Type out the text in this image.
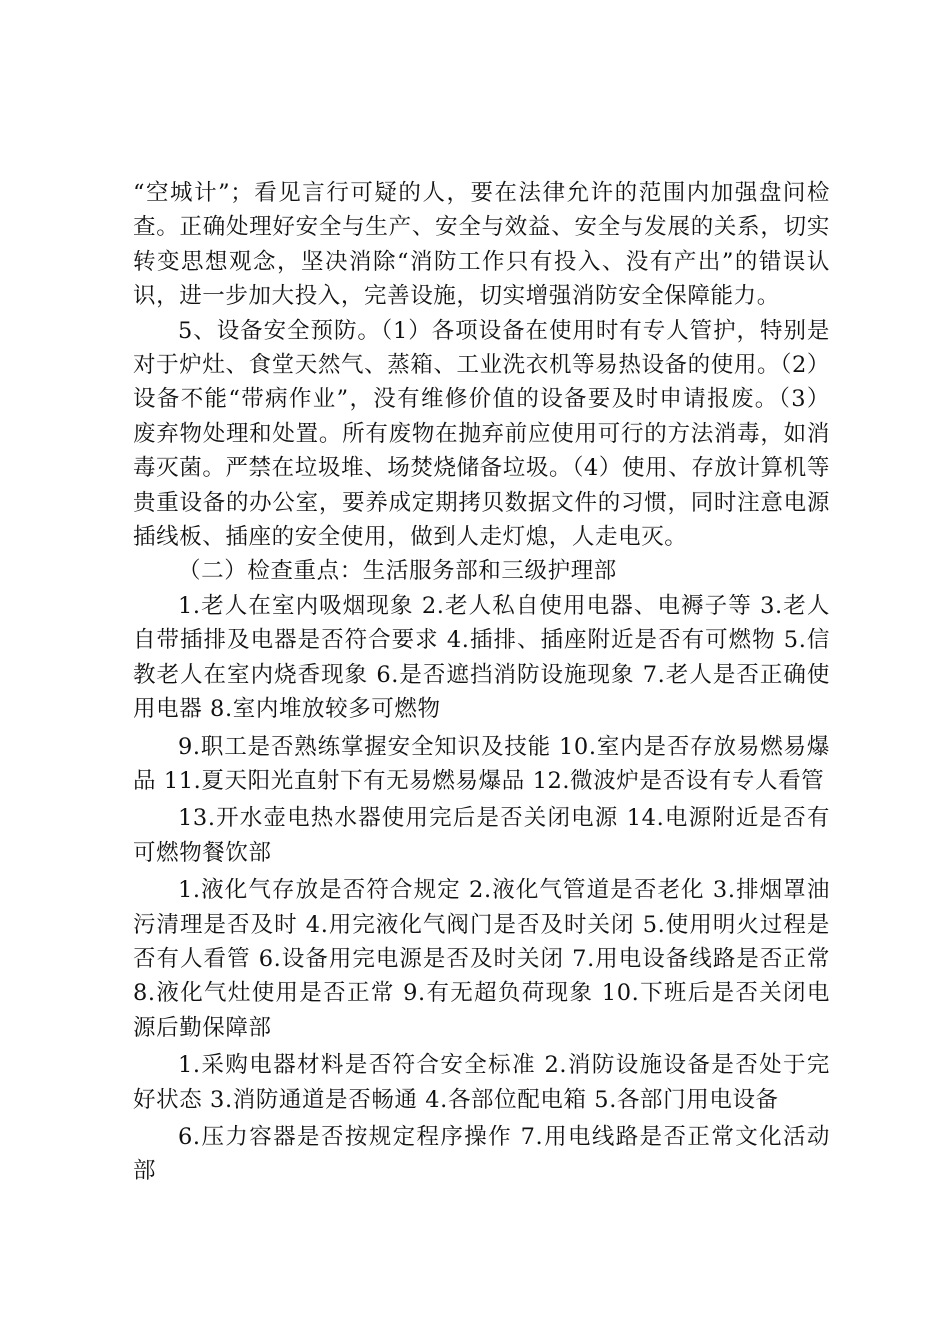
“空城计”；看见言行可疑的人，要在法律允许的范围内加强盘问检查。正确处理好安全与生产、安全与效益、安全与发展的关系，切实转变思想观念，坚决消除“消防工作只有投入、没有产出”的错误认识，进一步加大投入，完善设施，切实增强消防安全保障能力。

5、设备安全预防。（1）各项设备在使用时有专人管护，特别是对于炉灶、食堂天然气、蒸箱、工业洗衣机等易热设备的使用。（2）设备不能“带病作业”，没有维修价值的设备要及时申请报废。（3）废弃物处理和处置。所有废物在抛弃前应使用可行的方法消毒，如消毒灭菌。严禁在垃圾堆、场焚烧储备垃圾。（4）使用、存放计算机等贵重设备的办公室，要养成定期拷贝数据文件的习惯，同时注意电源插线板、插座的安全使用，做到人走灯熄，人走电灭。

（二）检查重点：生活服务部和三级护理部

1.老人在室内吸烟现象 2.老人私自使用电器、电褥子等 3.老人自带插排及电器是否符合要求 4.插排、插座附近是否有可燃物 5.信教老人在室内烧香现象 6.是否遮挡消防设施现象 7.老人是否正确使用电器 8.室内堆放较多可燃物

9.职工是否熟练掌握安全知识及技能 10.室内是否存放易燃易爆品 11.夏天阳光直射下有无易燃易爆品 12.微波炉是否设有专人看管

13.开水壶电热水器使用完后是否关闭电源 14.电源附近是否有可燃物餐饮部

1.液化气存放是否符合规定 2.液化气管道是否老化 3.排烟罩油污清理是否及时 4.用完液化气阀门是否及时关闭 5.使用明火过程是否有人看管 6.设备用完电源是否及时关闭 7.用电设备线路是否正常 8.液化气灶使用是否正常 9.有无超负荷现象 10.下班后是否关闭电源后勤保障部

1.采购电器材料是否符合安全标准 2.消防设施设备是否处于完好状态 3.消防通道是否畅通 4.各部位配电箱 5.各部门用电设备

6.压力容器是否按规定程序操作 7.用电线路是否正常文化活动部
